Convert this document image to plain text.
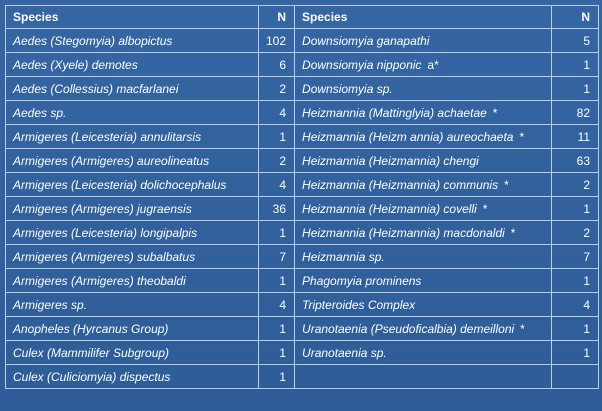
Species	N	Species	N
Aedes (Stegomyia) albopictus	102	Downsiomyia ganapathi	5
Aedes (Xyele) demotes	6	Downsiomyia nipponic a*	1
Aedes (Collessius) macfarlanei	2	Downsiomyia sp.	1
Aedes sp.	4	Heizmannia (Mattinglyia) achaetae *	82
Armigeres (Leicesteria) annulitarsis	1	Heizmannia (Heizm annia) aureochaeta *	11
Armigeres (Armigeres) aureolineatus	2	Heizmannia (Heizmannia) chengi	63
Armigeres (Leicesteria) dolichocephalus	4	Heizmannia (Heizmannia) communis *	2
Armigeres (Armigeres) jugraensis	36	Heizmannia (Heizmannia) covelli *	1
Armigeres (Leicesteria) longipalpis	1	Heizmannia (Heizmannia) macdonaldi *	2
Armigeres (Armigeres) subalbatus	7	Heizmannia sp.	7
Armigeres (Armigeres) theobaldi	1	Phagomyia prominens	1
Armigeres sp.	4	Tripteroides Complex	4
Anopheles (Hyrcanus Group)	1	Uranotaenia (Pseudoficalbia) demeilloni *	1
Culex (Mammilifer Subgroup)	1	Uranotaenia sp.	1
Culex (Culiciomyia) dispectus	1		
